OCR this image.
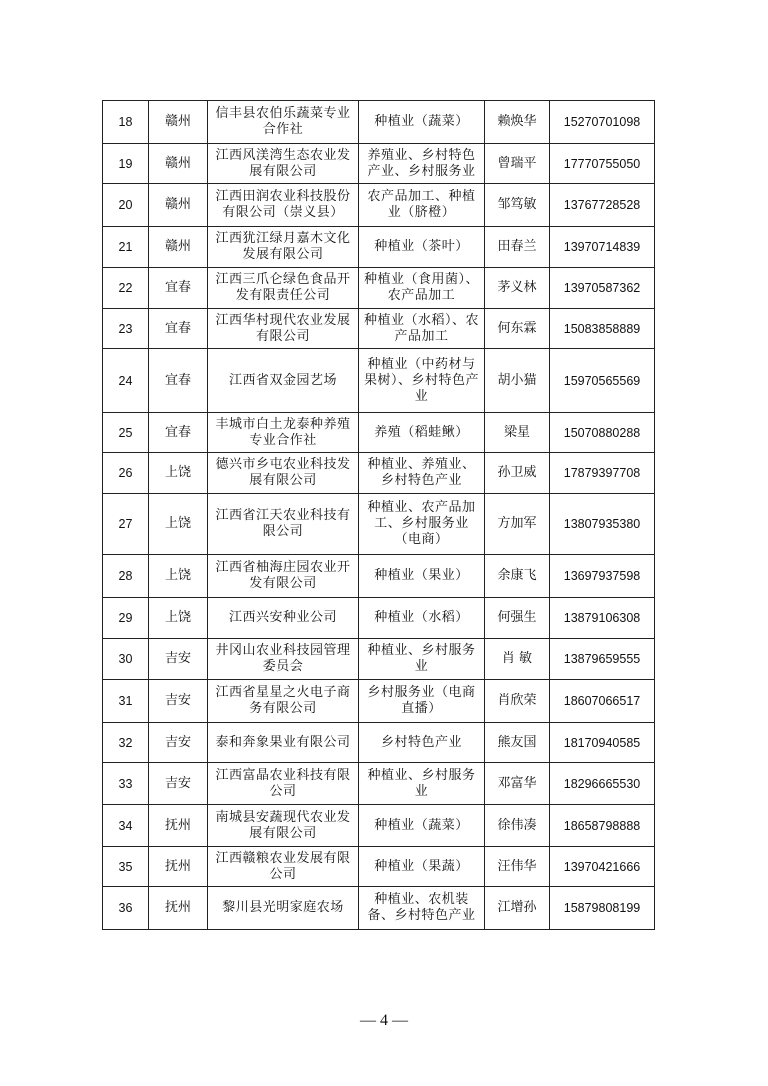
18	赣州	信丰县农伯乐蔬菜专业合作社	种植业（蔬菜）	赖焕华	15270701098
19	赣州	江西风渼湾生态农业发展有限公司	养殖业、乡村特色产业、乡村服务业	曾瑞平	17770755050
20	赣州	江西田润农业科技股份有限公司（崇义县）	农产品加工、种植业（脐橙）	邹笃敏	13767728528
21	赣州	江西犹江绿月嘉木文化发展有限公司	种植业（茶叶）	田春兰	13970714839
22	宜春	江西三爪仑绿色食品开发有限责任公司	种植业（食用菌）、农产品加工	茅义林	13970587362
23	宜春	江西华村现代农业发展有限公司	种植业（水稻）、农产品加工	何东霖	15083858889
24	宜春	江西省双金园艺场	种植业（中药材与果树）、乡村特色产业	胡小猫	15970565569
25	宜春	丰城市白土龙泰种养殖专业合作社	养殖（稻蛙鳅）	梁星	15070880288
26	上饶	德兴市乡屯农业科技发展有限公司	种植业、养殖业、乡村特色产业	孙卫威	17879397708
27	上饶	江西省江天农业科技有限公司	种植业、农产品加工、乡村服务业（电商）	方加军	13807935380
28	上饶	江西省柚海庄园农业开发有限公司	种植业（果业）	余康飞	13697937598
29	上饶	江西兴安种业公司	种植业（水稻）	何强生	13879106308
30	吉安	井冈山农业科技园管理委员会	种植业、乡村服务业	肖 敏	13879659555
31	吉安	江西省星星之火电子商务有限公司	乡村服务业（电商直播）	肖欣荣	18607066517
32	吉安	泰和奔象果业有限公司	乡村特色产业	熊友国	18170940585
33	吉安	江西富晶农业科技有限公司	种植业、乡村服务业	邓富华	18296665530
34	抚州	南城县安蔬现代农业发展有限公司	种植业（蔬菜）	徐伟凑	18658798888
35	抚州	江西赣粮农业发展有限公司	种植业（果蔬）	汪伟华	13970421666
36	抚州	黎川县光明家庭农场	种植业、农机装备、乡村特色产业	江增孙	15879808199
— 4 —
